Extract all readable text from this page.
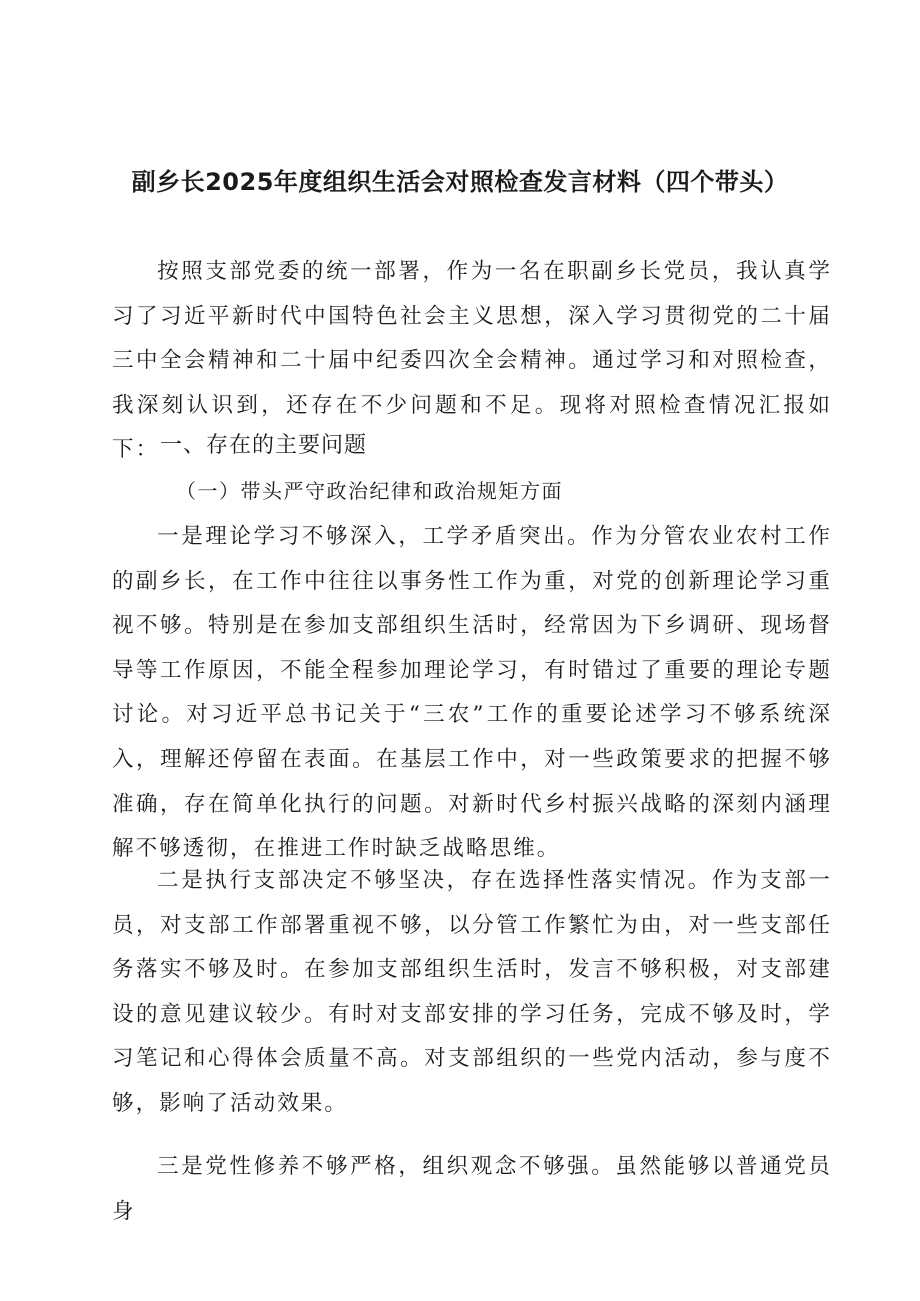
副乡长2025年度组织生活会对照检查发言材料（四个带头）

按照支部党委的统一部署，作为一名在职副乡长党员，我认真学习了习近平新时代中国特色社会主义思想，深入学习贯彻党的二十届三中全会精神和二十届中纪委四次全会精神。通过学习和对照检查，我深刻认识到，还存在不少问题和不足。现将对照检查情况汇报如下： 一、存在的主要问题
（一）带头严守政治纪律和政治规矩方面

一是理论学习不够深入，工学矛盾突出。作为分管农业农村工作的副乡长，在工作中往往以事务性工作为重，对党的创新理论学习重视不够。特别是在参加支部组织生活时，经常因为下乡调研、现场督导等工作原因，不能全程参加理论学习，有时错过了重要的理论专题讨论。对习近平总书记关于“三农”工作的重要论述学习不够系统深入，理解还停留在表面。在基层工作中，对一些政策要求的把握不够准确，存在简单化执行的问题。对新时代乡村振兴战略的深刻内涵理解不够透彻，在推进工作时缺乏战略思维。

二是执行支部决定不够坚决，存在选择性落实情况。作为支部一员，对支部工作部署重视不够，以分管工作繁忙为由，对一些支部任务落实不够及时。在参加支部组织生活时，发言不够积极，对支部建设的意见建议较少。有时对支部安排的学习任务，完成不够及时，学习笔记和心得体会质量不高。对支部组织的一些党内活动，参与度不够，影响了活动效果。

三是党性修养不够严格，组织观念不够强。虽然能够以普通党员身
